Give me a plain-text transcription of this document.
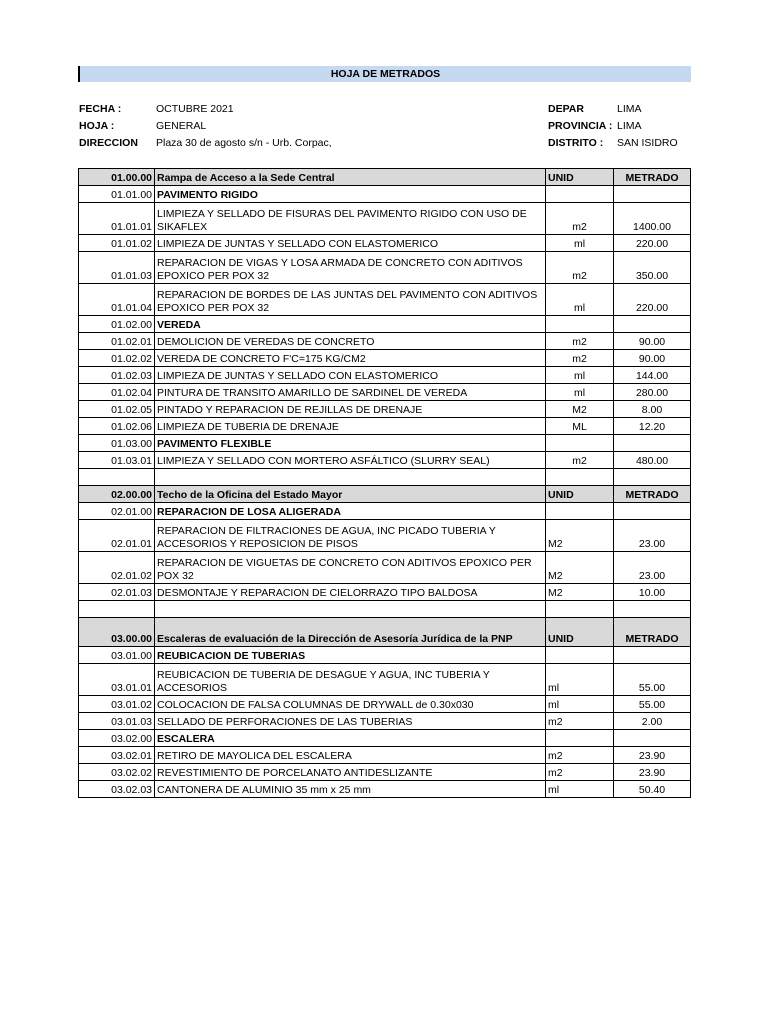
HOJA DE METRADOS
FECHA :	OCTUBRE 2021
HOJA :	GENERAL
DIRECCION Plaza 30 de agosto s/n - Urb. Corpac,
DEPAR	LIMA
PROVINCIA : LIMA
DISTRITO : SAN ISIDRO
01.00.00	Rampa de Acceso a la Sede Central	UNID	METRADO
01.01.00	PAVIMENTO RIGIDO		
01.01.01	LIMPIEZA Y SELLADO DE FISURAS DEL PAVIMENTO RIGIDO CON USO DE SIKAFLEX	m2	1400.00
01.01.02	LIMPIEZA DE JUNTAS Y SELLADO CON ELASTOMERICO	ml	220.00
01.01.03	REPARACION DE VIGAS Y LOSA ARMADA DE CONCRETO CON ADITIVOS EPOXICO PER POX 32	m2	350.00
01.01.04	REPARACION DE BORDES DE LAS JUNTAS DEL PAVIMENTO CON ADITIVOS EPOXICO PER POX 32	ml	220.00
01.02.00	VEREDA		
01.02.01	DEMOLICION DE VEREDAS DE CONCRETO	m2	90.00
01.02.02	VEREDA DE CONCRETO F'C=175 KG/CM2	m2	90.00
01.02.03	LIMPIEZA DE JUNTAS Y SELLADO CON ELASTOMERICO	ml	144.00
01.02.04	PINTURA DE TRANSITO AMARILLO DE SARDINEL DE VEREDA	ml	280.00
01.02.05	PINTADO Y REPARACION DE REJILLAS DE DRENAJE	M2	8.00
01.02.06	LIMPIEZA DE TUBERIA DE DRENAJE	ML	12.20
01.03.00	PAVIMENTO FLEXIBLE		
01.03.01	LIMPIEZA Y SELLADO CON MORTERO ASFÁLTICO (SLURRY SEAL)	m2	480.00

02.00.00	Techo de la Oficina del Estado Mayor	UNID	METRADO
02.01.00	REPARACION DE LOSA ALIGERADA		
02.01.01	REPARACION DE FILTRACIONES DE AGUA, INC PICADO TUBERIA Y ACCESORIOS Y REPOSICION DE PISOS	M2	23.00
02.01.02	REPARACION DE VIGUETAS DE CONCRETO CON ADITIVOS EPOXICO PER POX 32	M2	23.00
02.01.03	DESMONTAJE Y REPARACION DE CIELORRAZO TIPO BALDOSA	M2	10.00

03.00.00	Escaleras de evaluación de la Dirección de Asesoría Jurídica de la PNP	UNID	METRADO
03.01.00	REUBICACION DE TUBERIAS		
03.01.01	REUBICACION DE TUBERIA DE DESAGUE Y AGUA, INC TUBERIA Y ACCESORIOS	ml	55.00
03.01.02	COLOCACION DE FALSA COLUMNAS DE DRYWALL de 0.30x030	ml	55.00
03.01.03	SELLADO DE PERFORACIONES DE LAS TUBERIAS	m2	2.00
03.02.00	ESCALERA		
03.02.01	RETIRO DE MAYOLICA DEL ESCALERA	m2	23.90
03.02.02	REVESTIMIENTO DE PORCELANATO ANTIDESLIZANTE	m2	23.90
03.02.03	CANTONERA DE ALUMINIO 35 mm x 25 mm	ml	50.40
